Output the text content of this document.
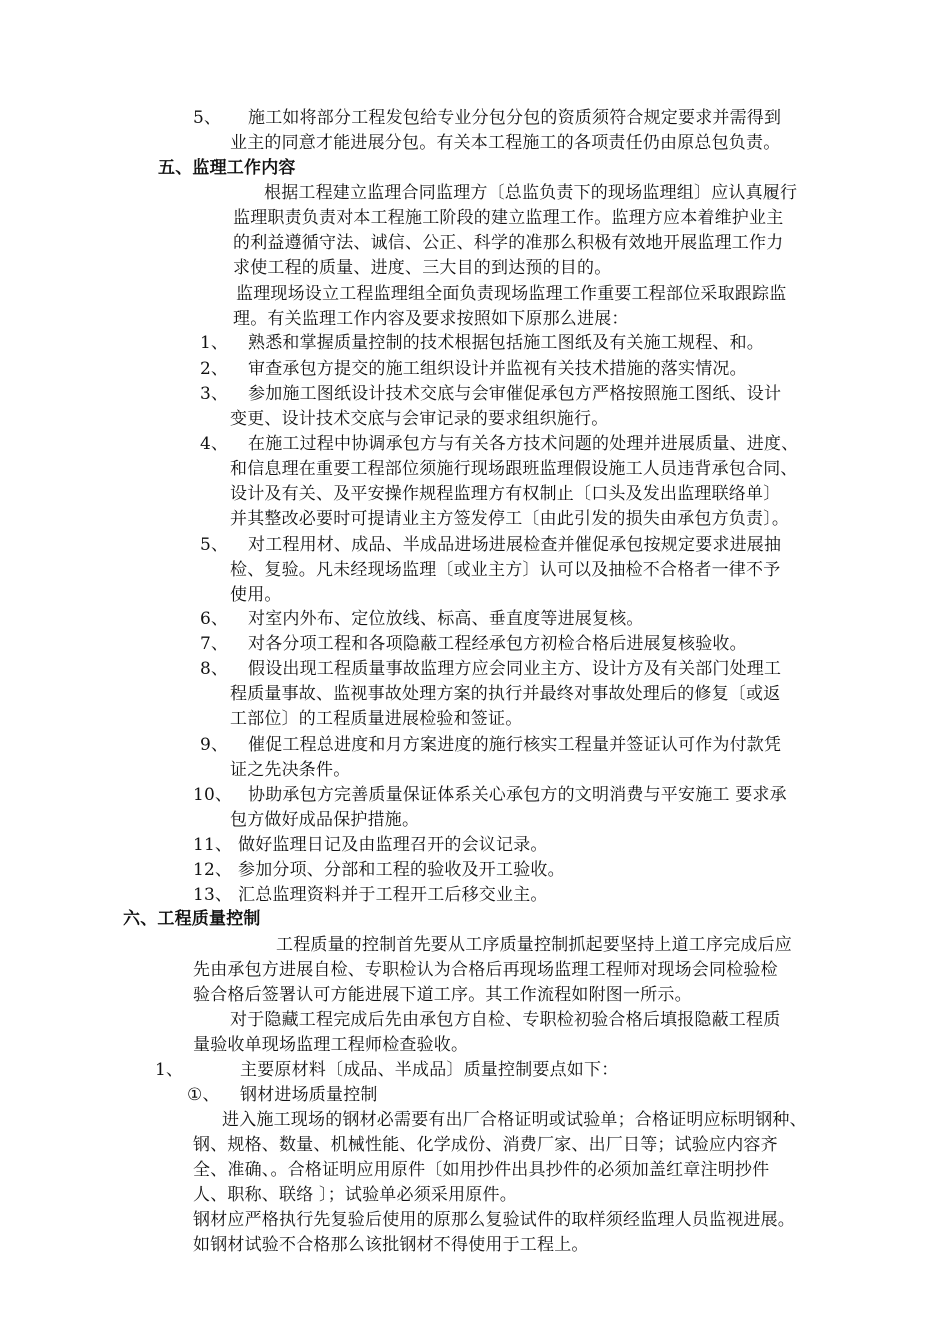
5、 施工如将部分工程发包给专业分包分包的资质须符合规定要求并需得到
业主的同意才能进展分包。有关本工程施工的各项责任仍由原总包负责。
五、监理工作内容
根据工程建立监理合同监理方〔总监负责下的现场监理组〕应认真履行
监理职责负责对本工程施工阶段的建立监理工作。监理方应本着维护业主
的利益遵循守法、诚信、公正、科学的准那么积极有效地开展监理工作力
求使工程的质量、进度、三大目的到达预的目的。
监理现场设立工程监理组全面负责现场监理工作重要工程部位采取跟踪监
理。有关监理工作内容及要求按照如下原那么进展：
1、 熟悉和掌握质量控制的技术根据包括施工图纸及有关施工规程、和。
2、 审查承包方提交的施工组织设计并监视有关技术措施的落实情况。
3、 参加施工图纸设计技术交底与会审催促承包方严格按照施工图纸、设计
变更、设计技术交底与会审记录的要求组织施行。
4、 在施工过程中协调承包方与有关各方技术问题的处理并进展质量、进度、
和信息理在重要工程部位须施行现场跟班监理假设施工人员违背承包合同、
设计及有关、及平安操作规程监理方有权制止〔口头及发出监理联络单〕
并其整改必要时可提请业主方签发停工〔由此引发的损失由承包方负责〕。
5、 对工程用材、成品、半成品进场进展检查并催促承包按规定要求进展抽
检、复验。凡未经现场监理〔或业主方〕认可以及抽检不合格者一律不予
使用。
6、 对室内外布、定位放线、标高、垂直度等进展复核。
7、 对各分项工程和各项隐蔽工程经承包方初检合格后进展复核验收。
8、 假设出现工程质量事故监理方应会同业主方、设计方及有关部门处理工
程质量事故、监视事故处理方案的执行并最终对事故处理后的修复〔或返
工部位〕的工程质量进展检验和签证。
9、 催促工程总进度和月方案进度的施行核实工程量并签证认可作为付款凭
证之先决条件。
10、 协助承包方完善质量保证体系关心承包方的文明消费与平安施工 要求承
包方做好成品保护措施。
11、 做好监理日记及由监理召开的会议记录。
12、 参加分项、分部和工程的验收及开工验收。
13、 汇总监理资料并于工程开工后移交业主。
六、工程质量控制
工程质量的控制首先要从工序质量控制抓起要坚持上道工序完成后应
先由承包方进展自检、专职检认为合格后再现场监理工程师对现场会同检验检
验合格后签署认可方能进展下道工序。其工作流程如附图一所示。
对于隐藏工程完成后先由承包方自检、专职检初验合格后填报隐蔽工程质
量验收单现场监理工程师检查验收。
1、	主要原材料〔成品、半成品〕质量控制要点如下：
①、 钢材进场质量控制
进入施工现场的钢材必需要有出厂合格证明或试验单；合格证明应标明钢种、
钢、规格、数量、机械性能、化学成份、消费厂家、出厂日等；试验应内容齐
全、准确、。合格证明应用原件〔如用抄件出具抄件的必须加盖红章注明抄件
人、职称、联络 〕；试验单必须采用原件。
钢材应严格执行先复验后使用的原那么复验试件的取样须经监理人员监视进展。
如钢材试验不合格那么该批钢材不得使用于工程上。
